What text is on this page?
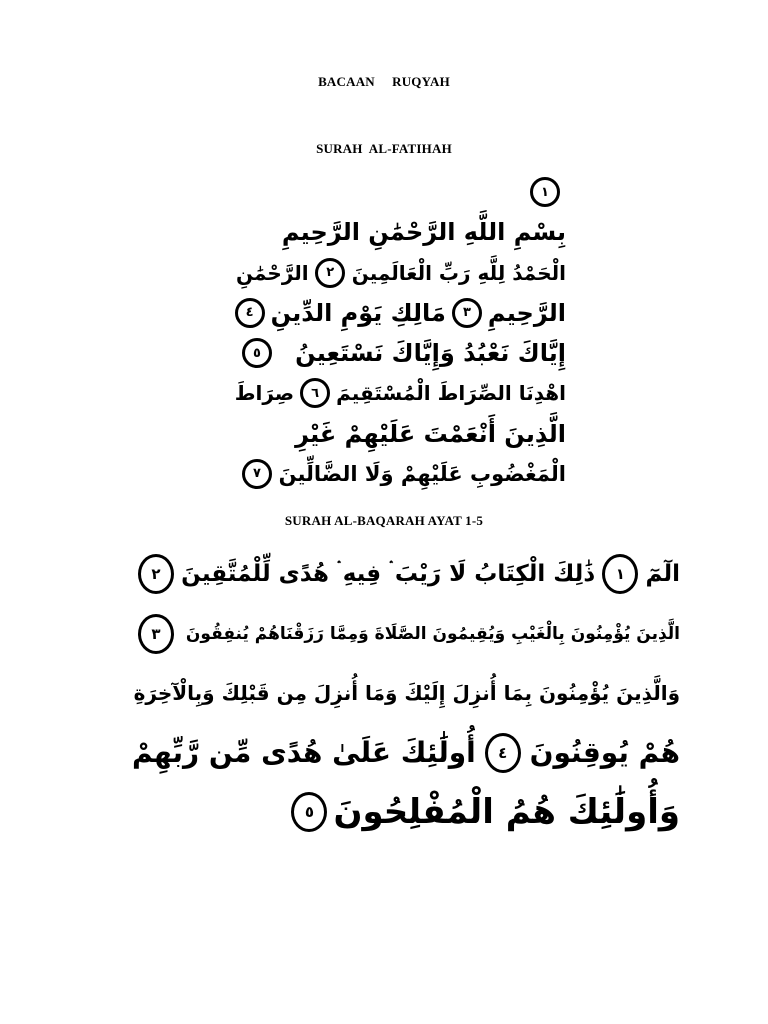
BACAAN     RUQYAH
SURAH  AL-FATIHAH
١
بِسْمِ اللَّهِ الرَّحْمَٰنِ الرَّحِيمِ
الْحَمْدُ لِلَّهِ رَبِّ الْعَالَمِينَ
٢
الرَّحْمَٰنِ
الرَّحِيمِ
٣
مَالِكِ يَوْمِ الدِّينِ
٤
إِيَّاكَ نَعْبُدُ وَإِيَّاكَ نَسْتَعِينُ
٥
اهْدِنَا الصِّرَاطَ الْمُسْتَقِيمَ
٦
صِرَاطَ
الَّذِينَ أَنْعَمْتَ عَلَيْهِمْ غَيْرِ
الْمَغْضُوبِ عَلَيْهِمْ وَلَا الضَّالِّينَ
٧
SURAH AL-BAQARAH AYAT 1-5
الٓمٓ
١
ذَٰلِكَ الْكِتَابُ لَا رَيْبَ ۛ فِيهِ ۛ هُدًى لِّلْمُتَّقِينَ
٢
الَّذِينَ يُؤْمِنُونَ بِالْغَيْبِ وَيُقِيمُونَ الصَّلَاةَ وَمِمَّا رَزَقْنَاهُمْ يُنفِقُونَ
٣
وَالَّذِينَ يُؤْمِنُونَ بِمَا أُنزِلَ إِلَيْكَ وَمَا أُنزِلَ مِن قَبْلِكَ وَبِالْآخِرَةِ
هُمْ يُوقِنُونَ
٤
أُولَٰئِكَ عَلَىٰ هُدًى مِّن رَّبِّهِمْ
وَأُولَٰئِكَ هُمُ الْمُفْلِحُونَ
٥
